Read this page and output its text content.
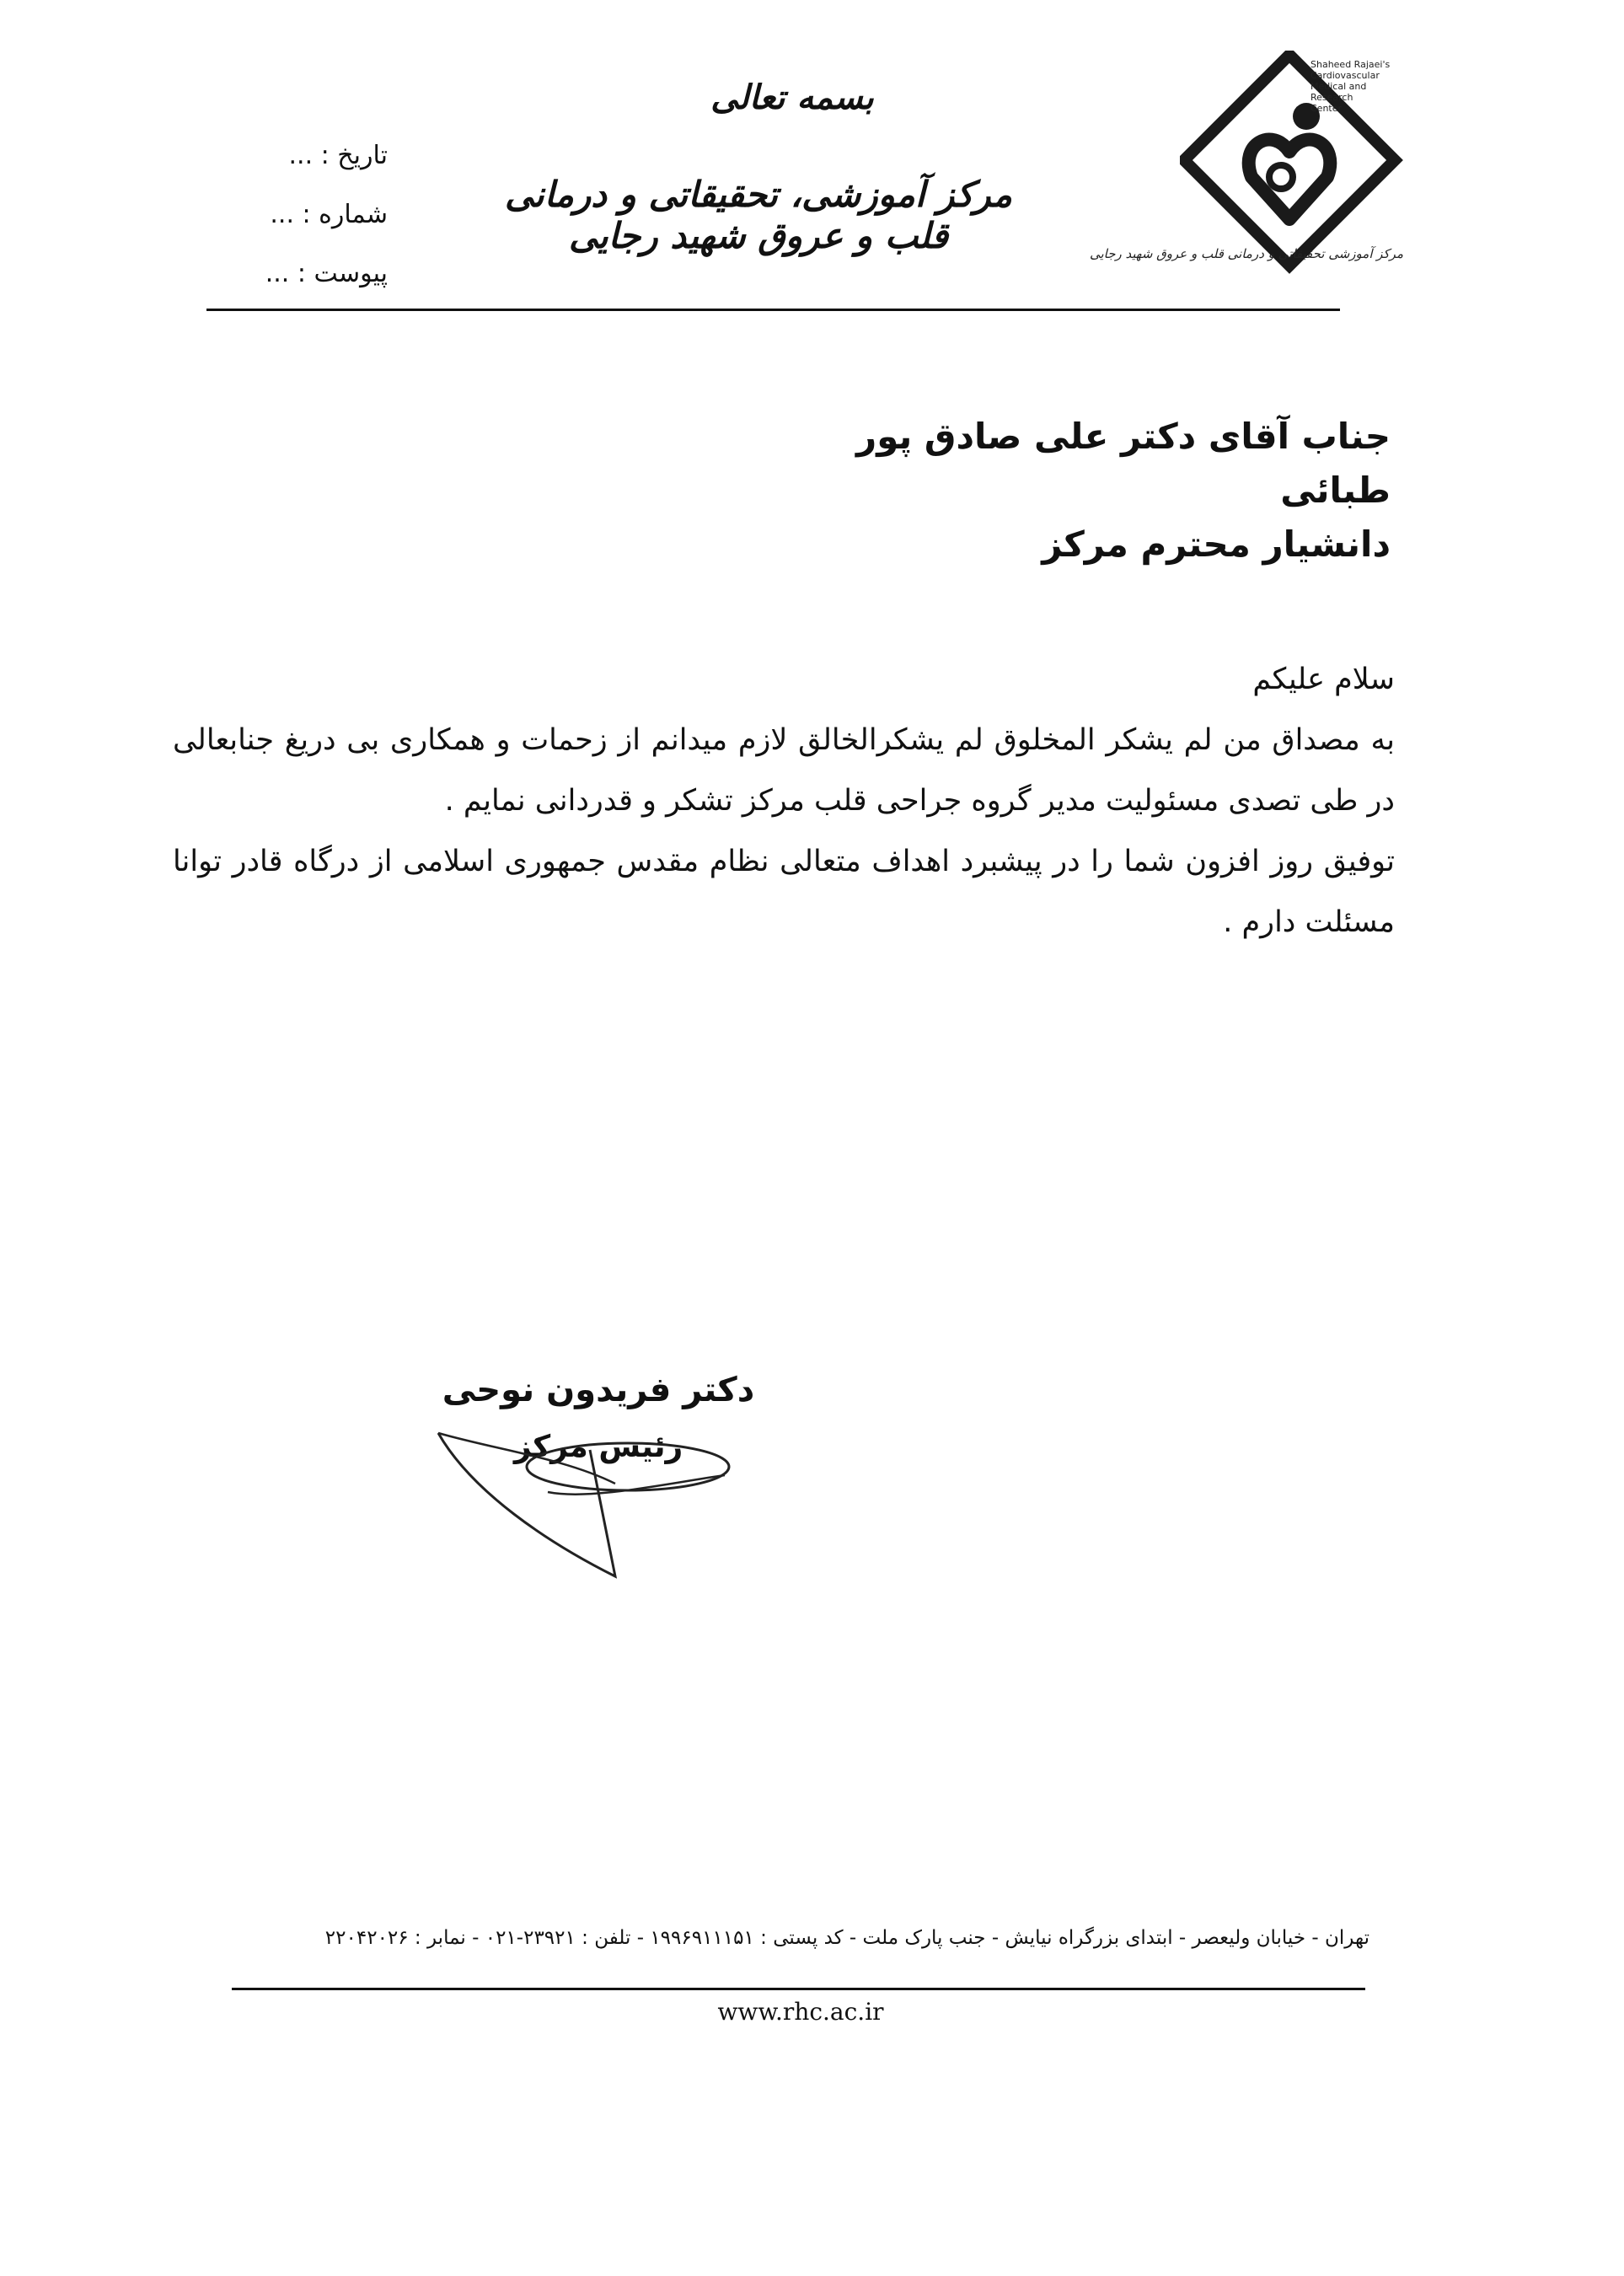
بسمه تعالی
مرکز آموزشی، تحقیقاتی و درمانی قلب و عروق شهید رجایی
تاریخ : ...
شماره : ...
پیوست : ...
Shaheed Rajaei's
Cardiovascular
Medical and
Research
Center
مرکز آموزشی تحقیقاتی و درمانی قلب و عروق شهید رجایی
جناب آقای دکتر علی صادق پور طبائی
دانشیار محترم مرکز

سلام علیکم

به مصداق من لم یشکر المخلوق لم یشکرالخالق لازم میدانم از زحمات و همکاری بی دریغ جنابعالی در طی تصدی مسئولیت مدیر گروه جراحی قلب مرکز تشکر و قدردانی نمایم .

توفیق روز افزون شما را در پیشبرد اهداف متعالی نظام مقدس جمهوری اسلامی از درگاه قادر توانا مسئلت دارم .

دکتر فریدون نوحی
رئیس مرکز
تهران - خیابان ولیعصر - ابتدای بزرگراه نیایش - جنب پارک ملت - کد پستی : ۱۹۹۶۹۱۱۱۵۱ - تلفن : ۲۳۹۲۱-۰۲۱ - نمابر : ۲۲۰۴۲۰۲۶
www.rhc.ac.ir
